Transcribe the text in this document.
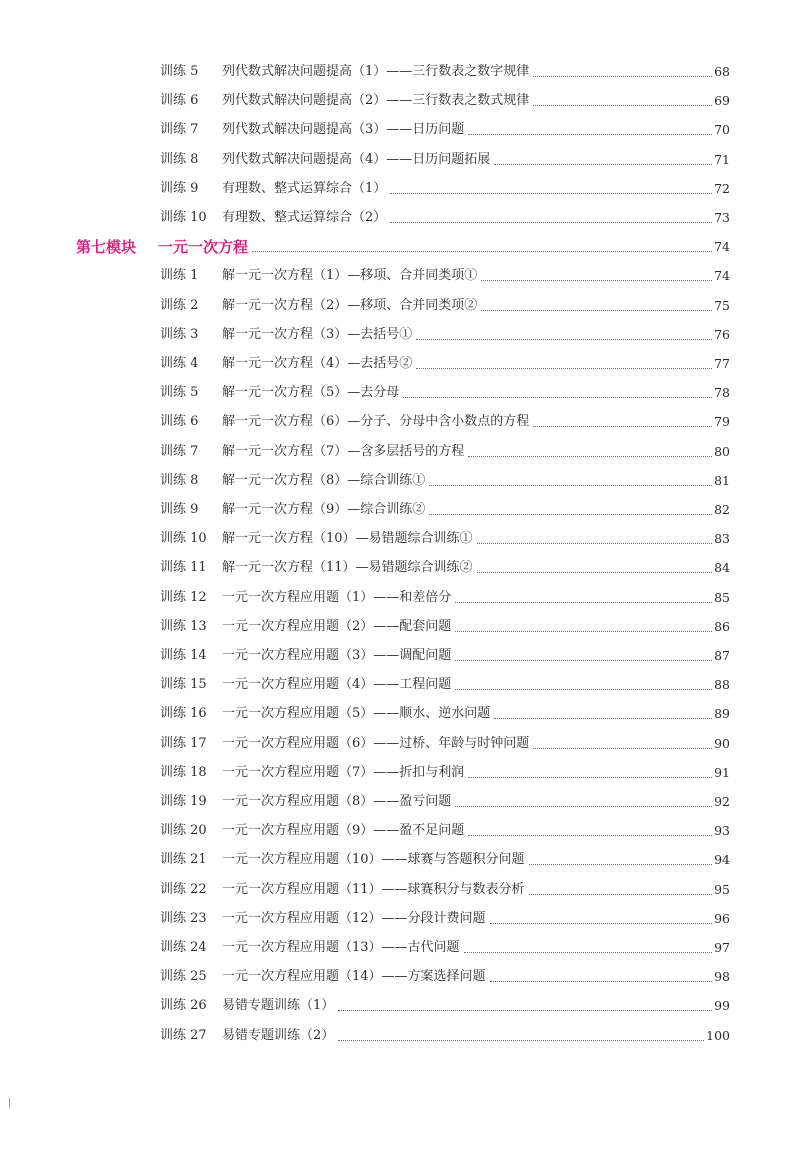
训练 5	列代数式解决问题提高（1）——三行数表之数字规律	68
训练 6	列代数式解决问题提高（2）——三行数表之数式规律	69
训练 7	列代数式解决问题提高（3）——日历问题	70
训练 8	列代数式解决问题提高（4）——日历问题拓展	71
训练 9	有理数、整式运算综合（1）	72
训练 10	有理数、整式运算综合（2）	73
第七模块	一元一次方程	74
训练 1	解一元一次方程（1）—移项、合并同类项①	74
训练 2	解一元一次方程（2）—移项、合并同类项②	75
训练 3	解一元一次方程（3）—去括号①	76
训练 4	解一元一次方程（4）—去括号②	77
训练 5	解一元一次方程（5）—去分母	78
训练 6	解一元一次方程（6）—分子、分母中含小数点的方程	79
训练 7	解一元一次方程（7）—含多层括号的方程	80
训练 8	解一元一次方程（8）—综合训练①	81
训练 9	解一元一次方程（9）—综合训练②	82
训练 10	解一元一次方程（10）—易错题综合训练①	83
训练 11	解一元一次方程（11）—易错题综合训练②	84
训练 12	一元一次方程应用题（1）——和差倍分	85
训练 13	一元一次方程应用题（2）——配套问题	86
训练 14	一元一次方程应用题（3）——调配问题	87
训练 15	一元一次方程应用题（4）——工程问题	88
训练 16	一元一次方程应用题（5）——顺水、逆水问题	89
训练 17	一元一次方程应用题（6）——过桥、年龄与时钟问题	90
训练 18	一元一次方程应用题（7）——折扣与利润	91
训练 19	一元一次方程应用题（8）——盈亏问题	92
训练 20	一元一次方程应用题（9）——盈不足问题	93
训练 21	一元一次方程应用题（10）——球赛与答题积分问题	94
训练 22	一元一次方程应用题（11）——球赛积分与数表分析	95
训练 23	一元一次方程应用题（12）——分段计费问题	96
训练 24	一元一次方程应用题（13）——古代问题	97
训练 25	一元一次方程应用题（14）——方案选择问题	98
训练 26	易错专题训练（1）	99
训练 27	易错专题训练（2）	100
